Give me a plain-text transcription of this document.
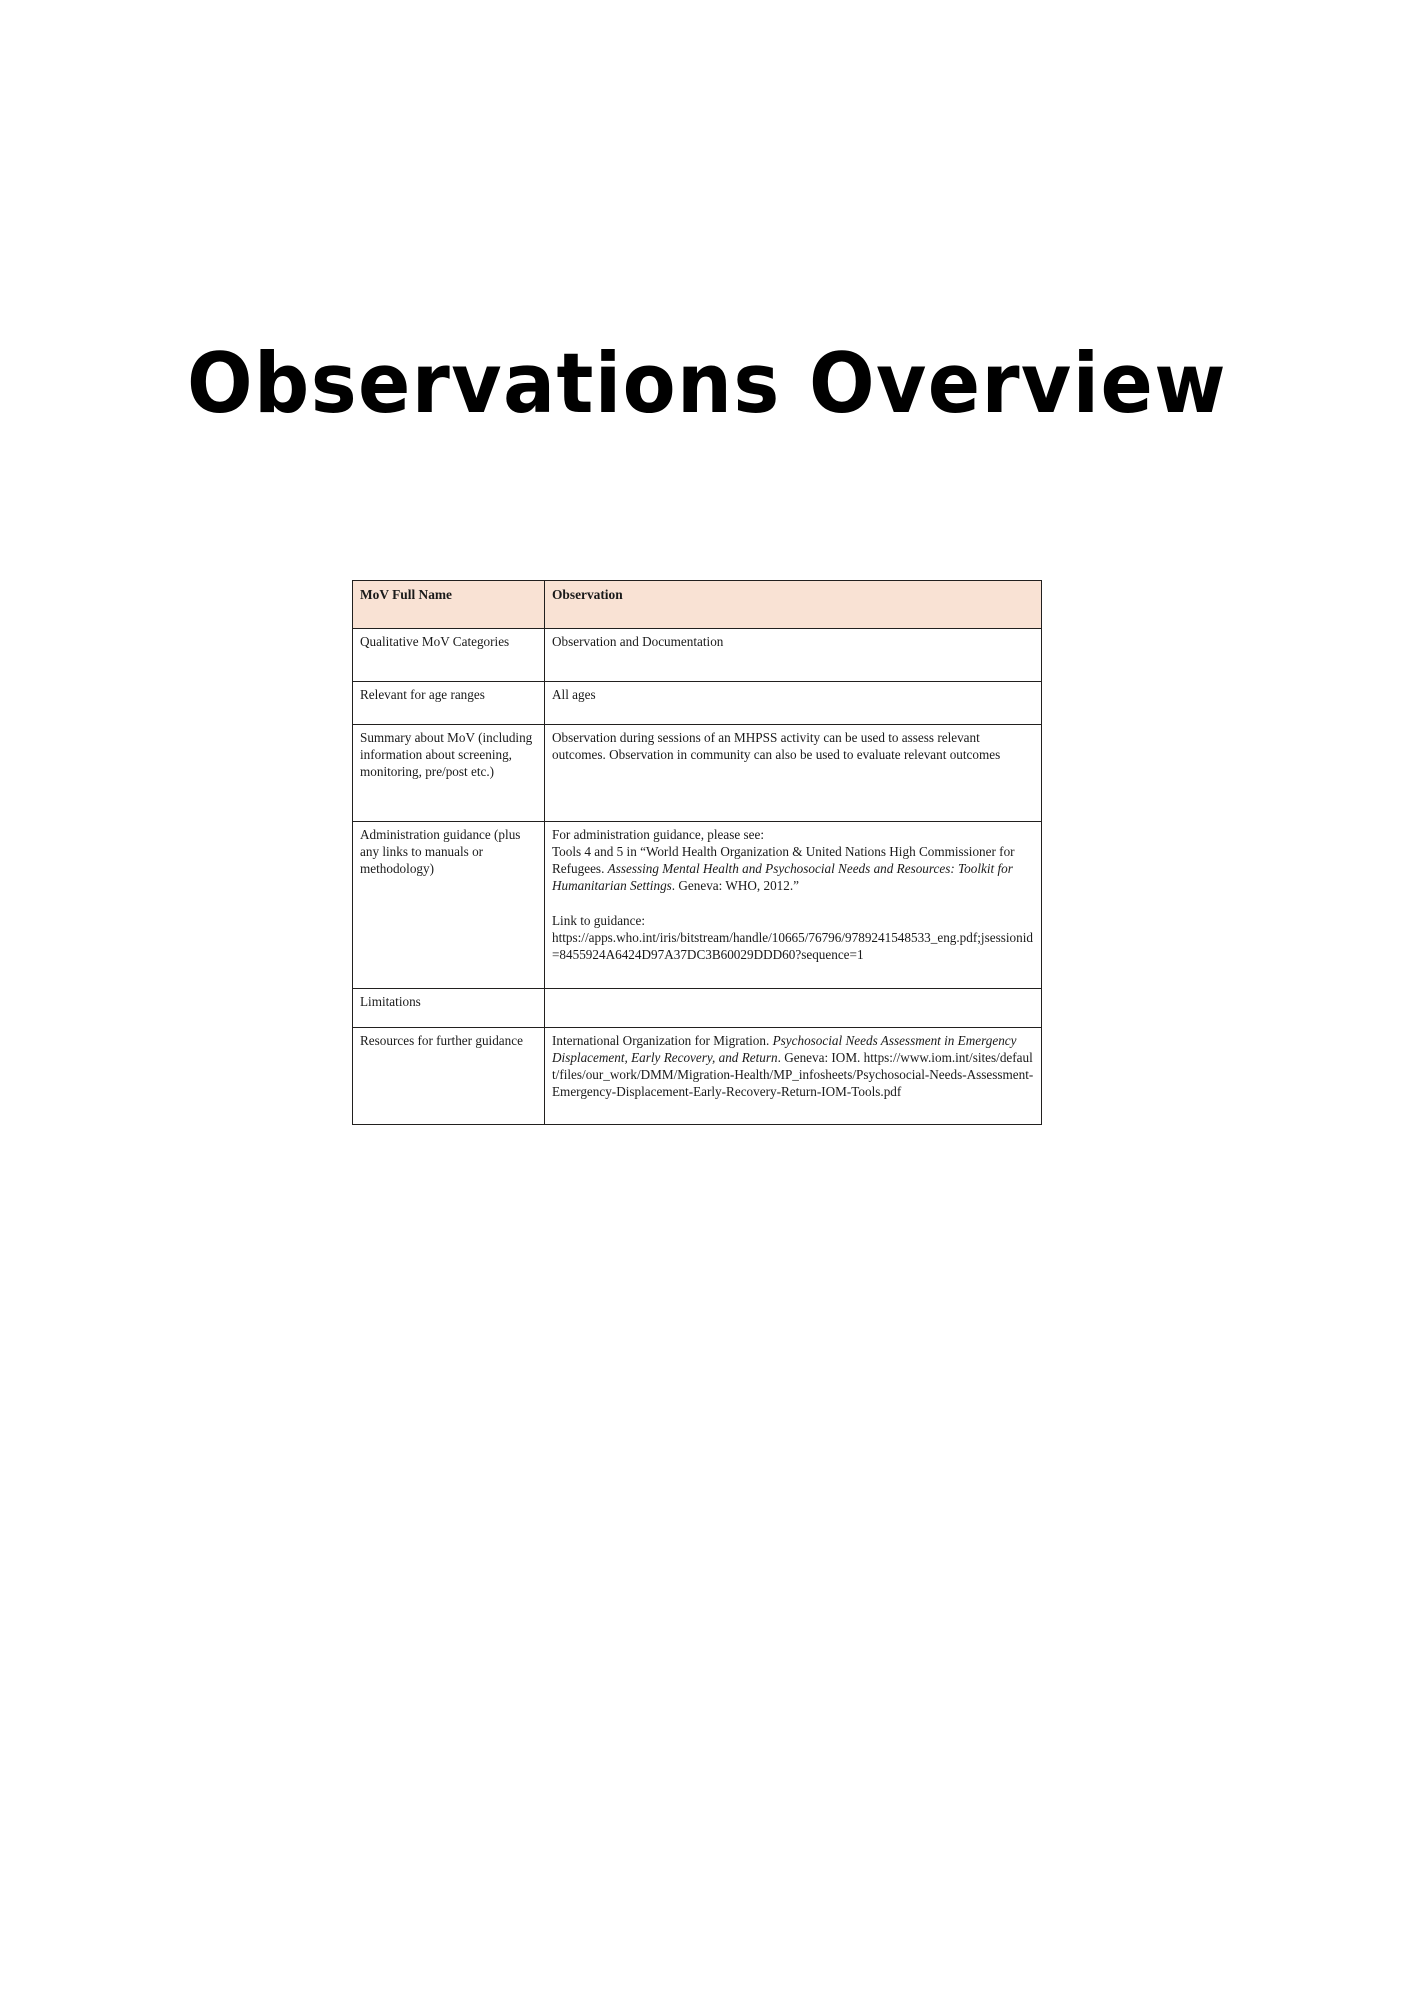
Observations Overview
MoV Full Name	Observation
Qualitative MoV Categories	Observation and Documentation
Relevant for age ranges	All ages
Summary about MoV (including information about screening, monitoring, pre/post etc.)	Observation during sessions of an MHPSS activity can be used to assess relevant outcomes. Observation in community can also be used to evaluate relevant outcomes
Administration guidance (plus any links to manuals or methodology)	For administration guidance, please see:
Tools 4 and 5 in “World Health Organization & United Nations High Commissioner for Refugees. Assessing Mental Health and Psychosocial Needs and Resources: Toolkit for Humanitarian Settings. Geneva: WHO, 2012.”
Link to guidance:
https://apps.who.int/iris/bitstream/handle/10665/76796/9789241548533_eng.pdf;jsessionid=8455924A6424D97A37DC3B60029DDD60?sequence=1

Limitations	
Resources for further guidance	International Organization for Migration. Psychosocial Needs Assessment in Emergency Displacement, Early Recovery, and Return. Geneva: IOM. https://www.iom.int/sites/default/files/our_work/DMM/Migration-Health/MP_infosheets/Psychosocial-Needs-Assessment-Emergency-Displacement-Early-Recovery-Return-IOM-Tools.pdf
